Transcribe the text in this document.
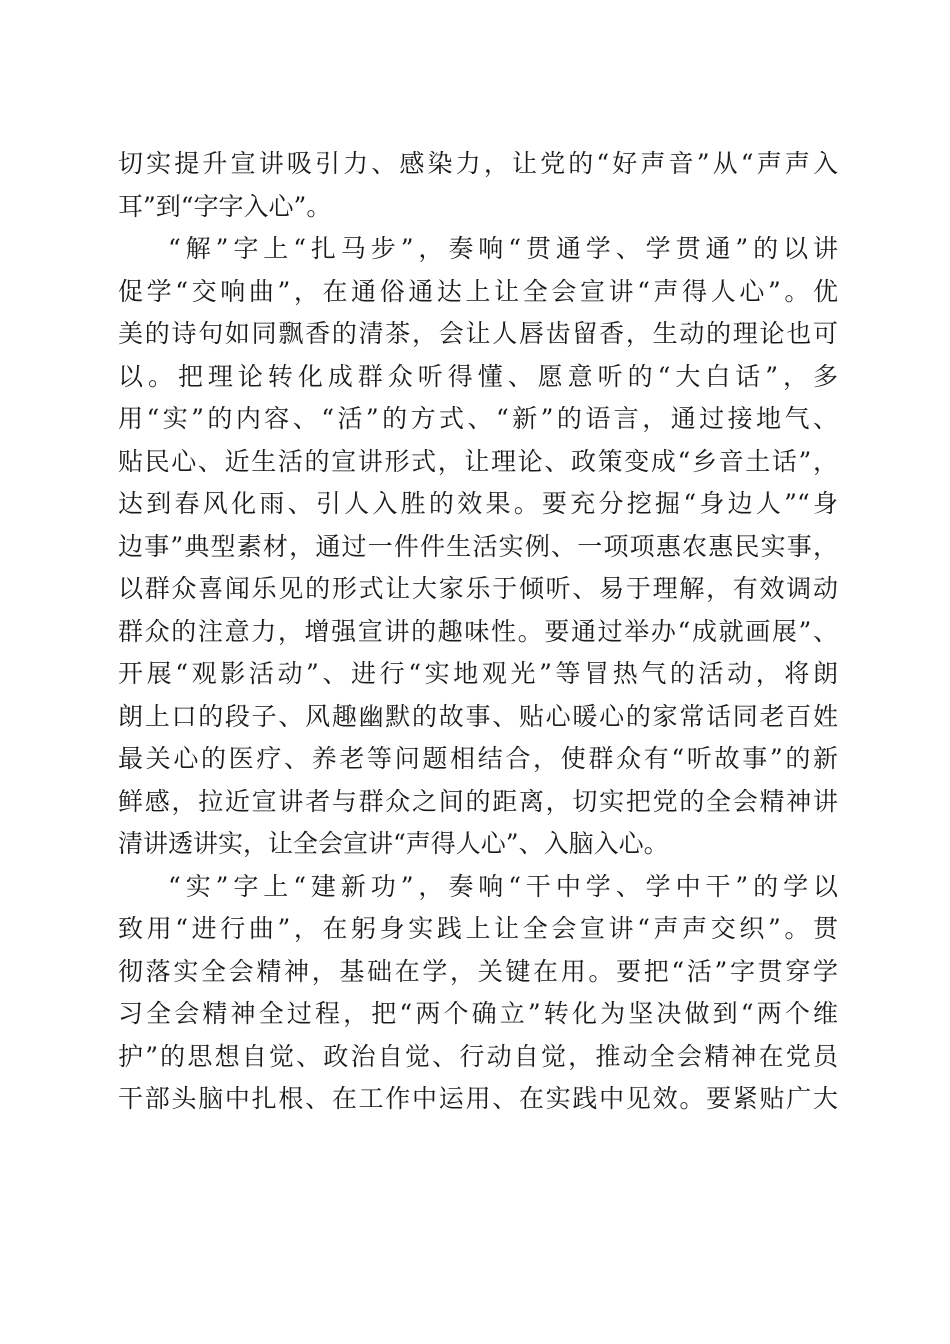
切实提升宣讲吸引力、感染力，让党的“好声音”从“声声入
耳”到“字字入心”。
“解”字上“扎马步”，奏响“贯通学、学贯通”的以讲
促学“交响曲”，在通俗通达上让全会宣讲“声得人心”。优
美的诗句如同飘香的清茶，会让人唇齿留香，生动的理论也可
以。把理论转化成群众听得懂、愿意听的“大白话”，多
用“实”的内容、“活”的方式、“新”的语言，通过接地气、
贴民心、近生活的宣讲形式，让理论、政策变成“乡音土话”，
达到春风化雨、引人入胜的效果。要充分挖掘“身边人”“身
边事”典型素材，通过一件件生活实例、一项项惠农惠民实事，
以群众喜闻乐见的形式让大家乐于倾听、易于理解，有效调动
群众的注意力，增强宣讲的趣味性。要通过举办“成就画展”、
开展“观影活动”、进行“实地观光”等冒热气的活动，将朗
朗上口的段子、风趣幽默的故事、贴心暖心的家常话同老百姓
最关心的医疗、养老等问题相结合，使群众有“听故事”的新
鲜感，拉近宣讲者与群众之间的距离，切实把党的全会精神讲
清讲透讲实，让全会宣讲“声得人心”、入脑入心。
“实”字上“建新功”，奏响“干中学、学中干”的学以
致用“进行曲”，在躬身实践上让全会宣讲“声声交织”。贯
彻落实全会精神，基础在学，关键在用。要把“活”字贯穿学
习全会精神全过程，把“两个确立”转化为坚决做到“两个维
护”的思想自觉、政治自觉、行动自觉，推动全会精神在党员
干部头脑中扎根、在工作中运用、在实践中见效。要紧贴广大
